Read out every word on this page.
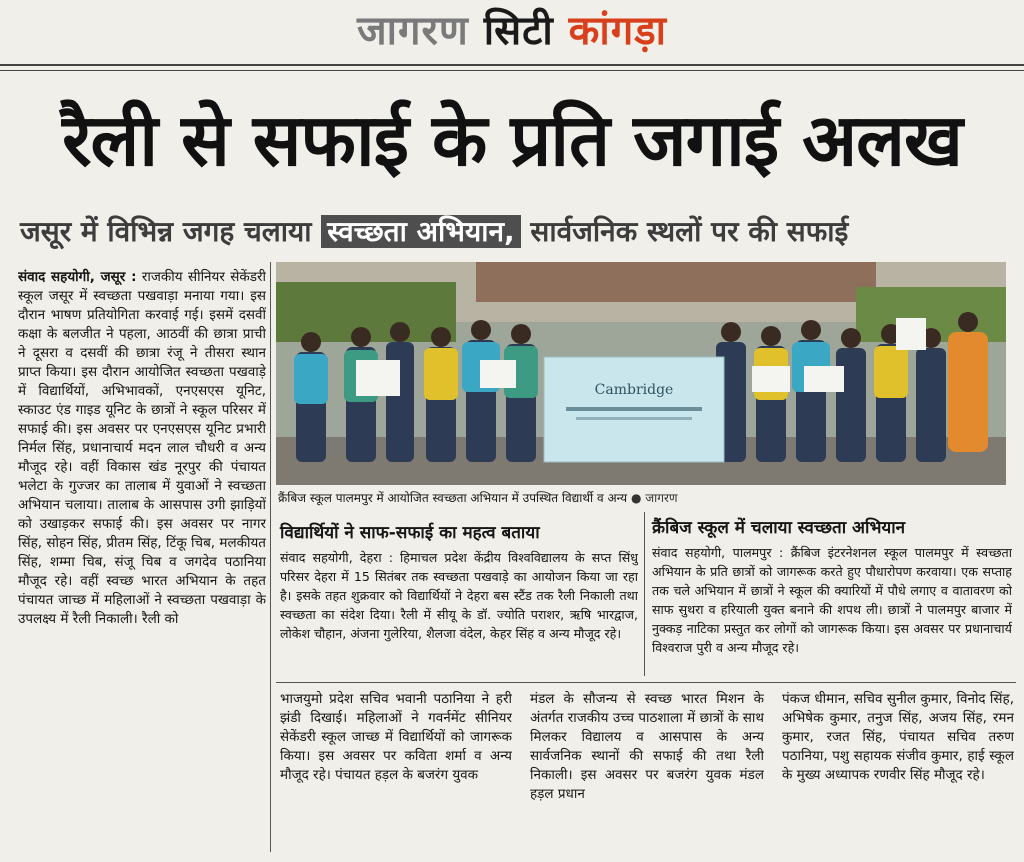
जागरण सिटी कांगड़ा
रैली से सफाई के प्रति जगाई अलख
जसूर में विभिन्न जगह चलाया स्वच्छता अभियान, सार्वजनिक स्थलों पर की सफाई

संवाद सहयोगी, जसूर : राजकीय सीनियर सेकेंडरी स्कूल जसूर में स्वच्छता पखवाड़ा मनाया गया। इस दौरान भाषण प्रतियोगिता करवाई गई। इसमें दसवीं कक्षा के बलजीत ने पहला, आठवीं की छात्रा प्राची ने दूसरा व दसवीं की छात्रा रंजू ने तीसरा स्थान प्राप्त किया। इस दौरान आयोजित स्वच्छता पखवाड़े में विद्यार्थियों, अभिभावकों, एनएसएस यूनिट, स्काउट एंड गाइड यूनिट के छात्रों ने स्कूल परिसर में सफाई की। इस अवसर पर एनएसएस यूनिट प्रभारी निर्मल सिंह, प्रधानाचार्य मदन लाल चौधरी व अन्य मौजूद रहे। वहीं विकास खंड नूरपुर की पंचायत भलेटा के गुज्जर का तालाब में युवाओं ने स्वच्छता अभियान चलाया। तालाब के आसपास उगी झाड़ियों को उखाड़कर सफाई की। इस अवसर पर नागर सिंह, सोहन सिंह, प्रीतम सिंह, टिंकू चिब, मलकीयत सिंह, शम्मा चिब, संजू चिब व जगदेव पठानिया मौजूद रहे। वहीं स्वच्छ भारत अभियान के तहत पंचायत जाच्छ में महिलाओं ने स्वच्छता पखवाड़ा के उपलक्ष्य में रैली निकाली। रैली को

Cambridge
क्रैंबिज स्कूल पालमपुर में आयोजित स्वच्छता अभियान में उपस्थित विद्यार्थी व अन्य ● जागरण
विद्यार्थियों ने साफ-सफाई का महत्व बताया

संवाद सहयोगी, देहरा : हिमाचल प्रदेश केंद्रीय विश्वविद्यालय के सप्त सिंधु परिसर देहरा में 15 सितंबर तक स्वच्छता पखवाड़े का आयोजन किया जा रहा है। इसके तहत शुक्रवार को विद्यार्थियों ने देहरा बस स्टैंड तक रैली निकाली तथा स्वच्छता का संदेश दिया। रैली में सीयू के डॉ. ज्योति पराशर, ऋषि भारद्वाज, लोकेश चौहान, अंजना गुलेरिया, शैलजा वंदेल, केहर सिंह व अन्य मौजूद रहे।

क्रैंबिज स्कूल में चलाया स्वच्छता अभियान

संवाद सहयोगी, पालमपुर : क्रैंबिज इंटरनेशनल स्कूल पालमपुर में स्वच्छता अभियान के प्रति छात्रों को जागरूक करते हुए पौधारोपण करवाया। एक सप्ताह तक चले अभियान में छात्रों ने स्कूल की क्यारियों में पौधे लगाए व वातावरण को साफ सुथरा व हरियाली युक्त बनाने की शपथ ली। छात्रों ने पालमपुर बाजार में नुक्कड़ नाटिका प्रस्तुत कर लोगों को जागरूक किया। इस अवसर पर प्रधानाचार्य विश्वराज पुरी व अन्य मौजूद रहे।

भाजयुमो प्रदेश सचिव भवानी पठानिया ने हरी झंडी दिखाई। महिलाओं ने गवर्नमेंट सीनियर सेकेंडरी स्कूल जाच्छ में विद्यार्थियों को जागरूक किया। इस अवसर पर कविता शर्मा व अन्य मौजूद रहे। पंचायत हड़ल के बजरंग युवक

मंडल के सौजन्य से स्वच्छ भारत मिशन के अंतर्गत राजकीय उच्च पाठशाला में छात्रों के साथ मिलकर विद्यालय व आसपास के अन्य सार्वजनिक स्थानों की सफाई की तथा रैली निकाली। इस अवसर पर बजरंग युवक मंडल हड़ल प्रधान

पंकज धीमान, सचिव सुनील कुमार, विनोद सिंह, अभिषेक कुमार, तनुज सिंह, अजय सिंह, रमन कुमार, रजत सिंह, पंचायत सचिव तरुण पठानिया, पशु सहायक संजीव कुमार, हाई स्कूल के मुख्य अध्यापक रणवीर सिंह मौजूद रहे।
